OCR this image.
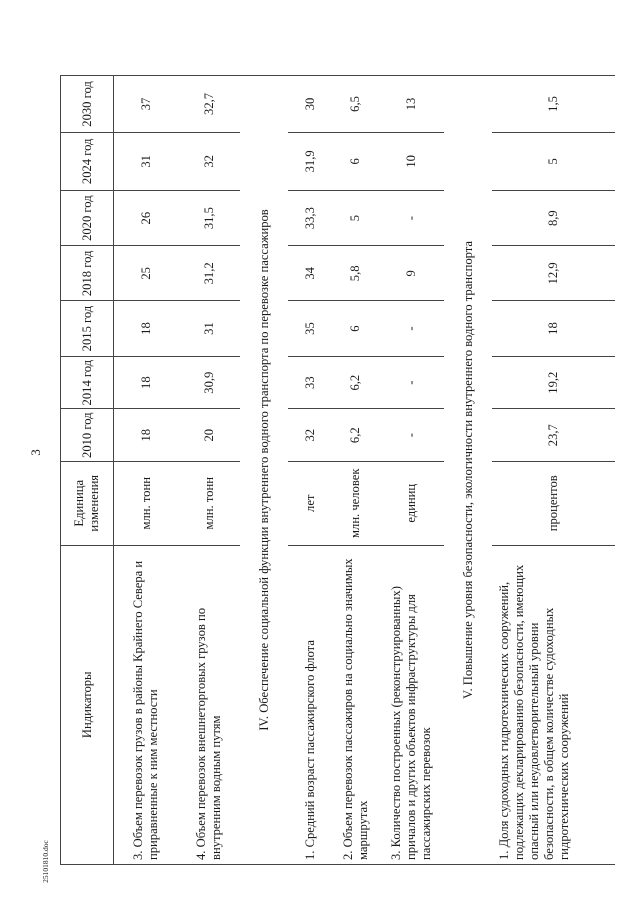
3
25101810.doc
Индикаторы	Единица изменения	2010 год	2014 год	2015 год	2018 год	2020 год	2024 год	2030 год
3. Объем перевозок грузов в районы Крайнего Севера и приравненные к ним местности	млн. тонн	18	18	18	25	26	31	37
4. Объем перевозок внешнеторговых грузов по внутренним водным путям	млн. тонн	20	30,9	31	31,2	31,5	32	32,7
IV. Обеспечение социальной функции внутреннего водного транспорта по перевозке пассажиров								
1. Средний возраст пассажирского флота	лет	32	33	35	34	33,3	31,9	30
2. Объем перевозок пассажиров на социально значимых маршрутах	млн. человек	6,2	6,2	6	5,8	5	6	6,5
3. Количество построенных (реконструированных) причалов и других объектов инфраструктуры для пассажирских перевозок	единиц	-	-	-	9	-	10	13
V. Повышение уровня безопасности, экологичности внутреннего водного транспорта								
1. Доля судоходных гидротехнических сооружений, подлежащих декларированию безопасности, имеющих опасный или неудовлетворительный уровни безопасности, в общем количестве судоходных гидротехнических сооружений	процентов	23,7	19,2	18	12,9	8,9	5	1,5
